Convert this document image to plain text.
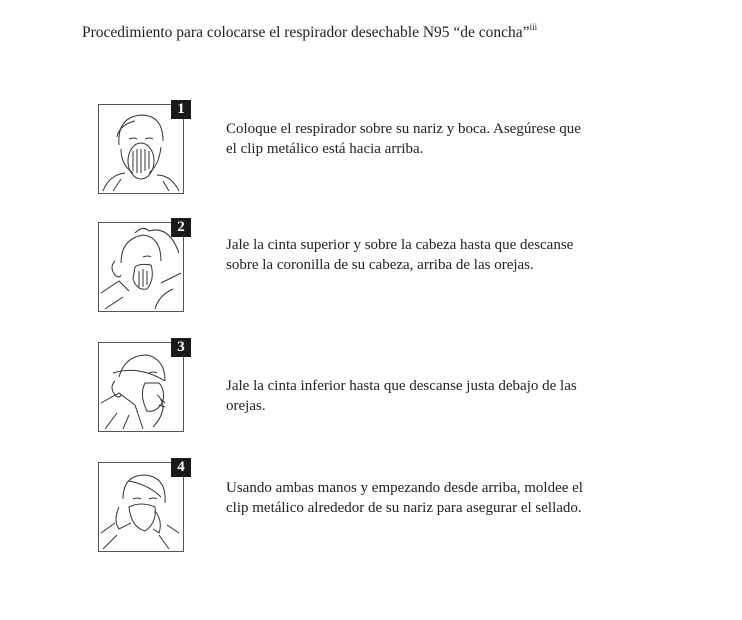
Procedimiento para colocarse el respirador desechable N95 “de concha”$^{iii}$
1
Coloque el respirador sobre su nariz y boca. Asegúrese que
el clip metálico está hacia arriba.
2
Jale la cinta superior y sobre la cabeza hasta que descanse
sobre la coronilla de su cabeza, arriba de las orejas.
3
Jale la cinta inferior hasta que descanse justa debajo de las
orejas.
4
Usando ambas manos y empezando desde arriba, moldee el
clip metálico alrededor de su nariz para asegurar el sellado.
